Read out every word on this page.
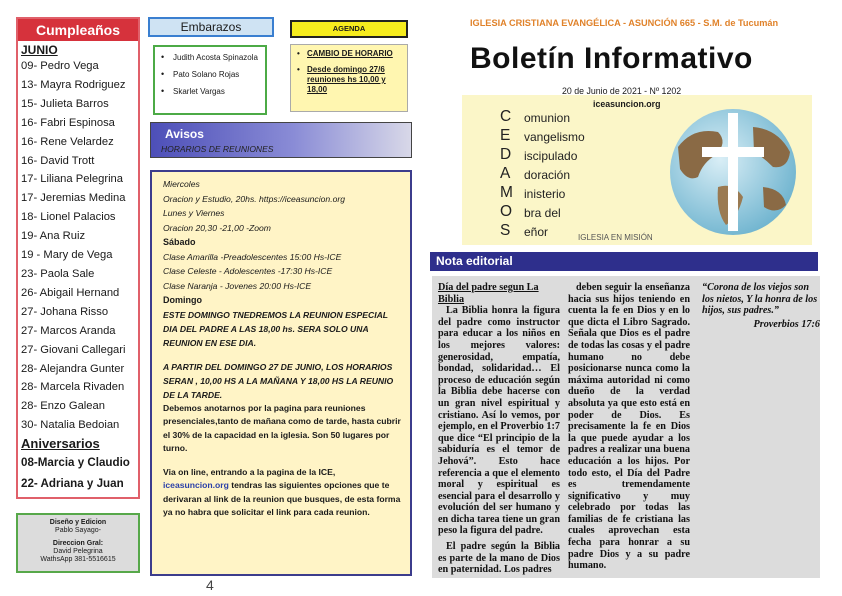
Cumpleaños
JUNIO
09- Pedro Vega
13- Mayra Rodriguez
15- Julieta Barros
16- Fabri Espinosa
16- Rene Velardez
16- David Trott
17- Liliana Pelegrina
17- Jeremias Medina
18- Lionel Palacios
19- Ana Ruiz
19 - Mary de Vega
23- Paola Sale
26- Abigail Hernand
27- Johana Risso
27- Marcos Aranda
27- Giovani Callegari
28- Alejandra Gunter
28- Marcela Rivaden
28- Enzo Galean
30- Natalia Bedoian
Aniversarios
08-Marcia y Claudio
22- Adriana y Juan
Diseño y Edicion
Pablo Sayago-
Direccion Gral:
David Pelegrina
WathsApp 381-5516615
Embarazos
• Judith Acosta Spinazola
• Pato Solano Rojas
• Skarlet Vargas
AGENDA
• CAMBIO DE HORARIO
• Desde domingo 27/6 reuniones hs 10,00 y 18,00
Avisos
HORARIOS DE REUNIONES
Miercoles
Oracion y Estudio, 20hs. https://iceasuncion.org
Lunes y Viernes
Oracion 20,30 -21,00 -Zoom
Sábado
Clase Amarilla -Preadolescentes 15:00 Hs-ICE
Clase Celeste - Adolescentes -17:30 Hs-ICE
Clase Naranja - Jovenes 20:00 Hs-ICE
Domingo
ESTE DOMINGO TNEDREMOS LA REUNION ESPECIAL DIA DEL PADRE A LAS 18,00 hs. SERA SOLO UNA REUNION EN ESE DIA.
A PARTIR DEL DOMINGO 27 DE JUNIO, LOS HORARIOS SERAN , 10,00 HS A LA MAÑANA Y 18,00 HS LA REUNIO DE LA TARDE.
Debemos anotarnos por la pagina para reuniones presenciales,tanto de mañana como de tarde, hasta cubrir el 30% de la capacidad en la iglesia. Son 50 lugares por turno.
Via on line, entrando a la pagina de la ICE,
iceasuncion.org tendras las siguientes opciones que te derivaran al link de la reunion que busques, de esta forma ya no habra que solicitar el link para cada reunion.
4
IGLESIA CRISTIANA EVANGÉLICA - ASUNCIÓN 665 - S.M. de Tucumán
Boletín Informativo
C
E
D
A
M
O
S
omunion
vangelismo
iscipulado
doración
inisterio
bra del
eñor	IGLESIA EN MISIÓN
20 de Junio de 2021 - Nº 1202
iceasuncion.org
Nota editorial
Día del padre segun La Biblia
La Biblia honra la figura del padre como instructor para educar a los niños en los mejores valores: generosidad, empatía, bondad, solidaridad… El proceso de educación según la Biblia debe hacerse con un gran nivel espiritual y cristiano. Así lo vemos, por ejemplo, en el Proverbio 1:7 que dice “El principio de la sabiduría es el temor de Jehová”. Esto hace referencia a que el elemento moral y espiritual es esencial para el desarrollo y evolución del ser humano y en dicha tarea tiene un gran peso la figura del padre.
El padre según la Biblia es parte de la mano de Dios en paternidad. Los padres
deben seguir la enseñanza hacia sus hijos teniendo en cuenta la fe en Dios y en lo que dicta el Libro Sagrado. Señala que Dios es el padre de todas las cosas y el padre humano no debe posicionarse nunca como la máxima autoridad ni como dueño de la verdad absoluta ya que esto está en poder de Dios. Es precisamente la fe en Dios la que puede ayudar a los padres a realizar una buena educación a los hijos. Por todo esto, el Día del Padre es tremendamente significativo y muy celebrado por todas las familias de fe cristiana las cuales aprovechan esta fecha para honrar a su padre Dios y a su padre humano.
“Corona de los viejos son los nietos, Y la honra de los hijos, sus padres.”
Proverbios 17:6
